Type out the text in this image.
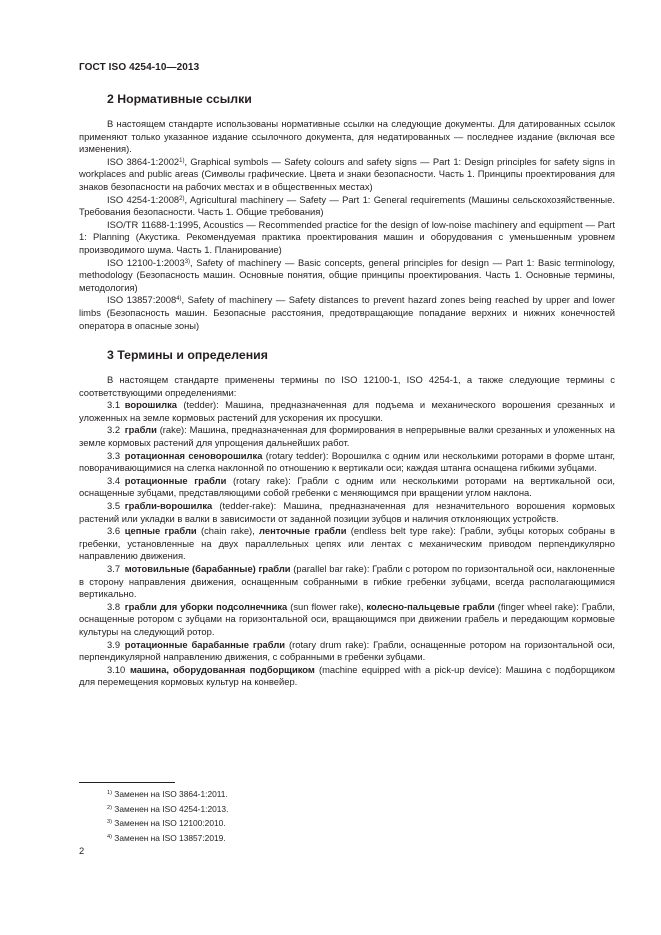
ГОСТ ISO 4254-10—2013
2 Нормативные ссылки

В настоящем стандарте использованы нормативные ссылки на следующие документы. Для датированных ссылок применяют только указанное издание ссылочного документа, для недатированных — последнее издание (включая все изменения).

ISO 3864-1:2002$^{1)}$, Graphical symbols — Safety colours and safety signs — Part 1: Design principles for safety signs in workplaces and public areas (Символы графические. Цвета и знаки безопасности. Часть 1. Принципы проектирования для знаков безопасности на рабочих местах и в общественных местах)

ISO 4254-1:2008$^{2)}$, Agricultural machinery — Safety — Part 1: General requirements (Машины сельскохозяйственные. Требования безопасности. Часть 1. Общие требования)

ISO/TR 11688-1:1995, Acoustics — Recommended practice for the design of low-noise machinery and equipment — Part 1: Planning (Акустика. Рекомендуемая практика проектирования машин и оборудования с уменьшенным уровнем производимого шума. Часть 1. Планирование)

ISO 12100-1:2003$^{3)}$, Safety of machinery — Basic concepts, general principles for design — Part 1: Basic terminology, methodology (Безопасность машин. Основные понятия, общие принципы проектирования. Часть 1. Основные термины, методология)

ISO 13857:2008$^{4)}$, Safety of machinery — Safety distances to prevent hazard zones being reached by upper and lower limbs (Безопасность машин. Безопасные расстояния, предотвращающие попадание верхних и нижних конечностей оператора в опасные зоны)

3 Термины и определения

В настоящем стандарте применены термины по ISO 12100-1, ISO 4254-1, а также следующие термины с соответствующими определениями:

3.1  ворошилка (tedder): Машина, предназначенная для подъема и механического ворошения срезанных и уложенных на земле кормовых растений для ускорения их просушки.

3.2  грабли (rake): Машина, предназначенная для формирования в непрерывные валки срезанных и уложенных на земле кормовых растений для упрощения дальнейших работ.

3.3  ротационная сеноворошилка (rotary tedder): Ворошилка с одним или несколькими роторами в форме штанг, поворачивающимися на слегка наклонной по отношению к вертикали оси; каждая штанга оснащена гибкими зубцами.

3.4  ротационные грабли (rotary rake): Грабли с одним или несколькими роторами на вертикальной оси, оснащенные зубцами, представляющими собой гребенки с меняющимся при вращении углом наклона.

3.5  грабли-ворошилка (tedder-rake): Машина, предназначенная для незначительного ворошения кормовых растений или укладки в валки в зависимости от заданной позиции зубцов и наличия отклоняющих устройств.

3.6  цепные грабли (chain rake), ленточные грабли (endless belt type rake): Грабли, зубцы которых собраны в гребенки, установленные на двух параллельных цепях или лентах с механическим приводом перпендикулярно направлению движения.

3.7  мотовильные (барабанные) грабли (parallel bar rake): Грабли с ротором по горизонтальной оси, наклоненные в сторону направления движения, оснащенным собранными в гибкие гребенки зубцами, всегда располагающимися вертикально.

3.8  грабли для уборки подсолнечника (sun flower rake), колесно-пальцевые грабли (finger wheel rake): Грабли, оснащенные ротором с зубцами на горизонтальной оси, вращающимся при движении грабель и передающим кормовые культуры на следующий ротор.

3.9  ротационные барабанные грабли (rotary drum rake): Грабли, оснащенные ротором на горизонтальной оси, перпендикулярной направлению движения, с собранными в гребенки зубцами.

3.10  машина, оборудованная подборщиком (machine equipped with a pick-up device): Машина с подборщиком для перемещения кормовых культур на конвейер.

$^{1)}$ Заменен на ISO 3864-1:2011.
$^{2)}$ Заменен на ISO 4254-1:2013.
$^{3)}$ Заменен на ISO 12100:2010.
$^{4)}$ Заменен на ISO 13857:2019.
2
